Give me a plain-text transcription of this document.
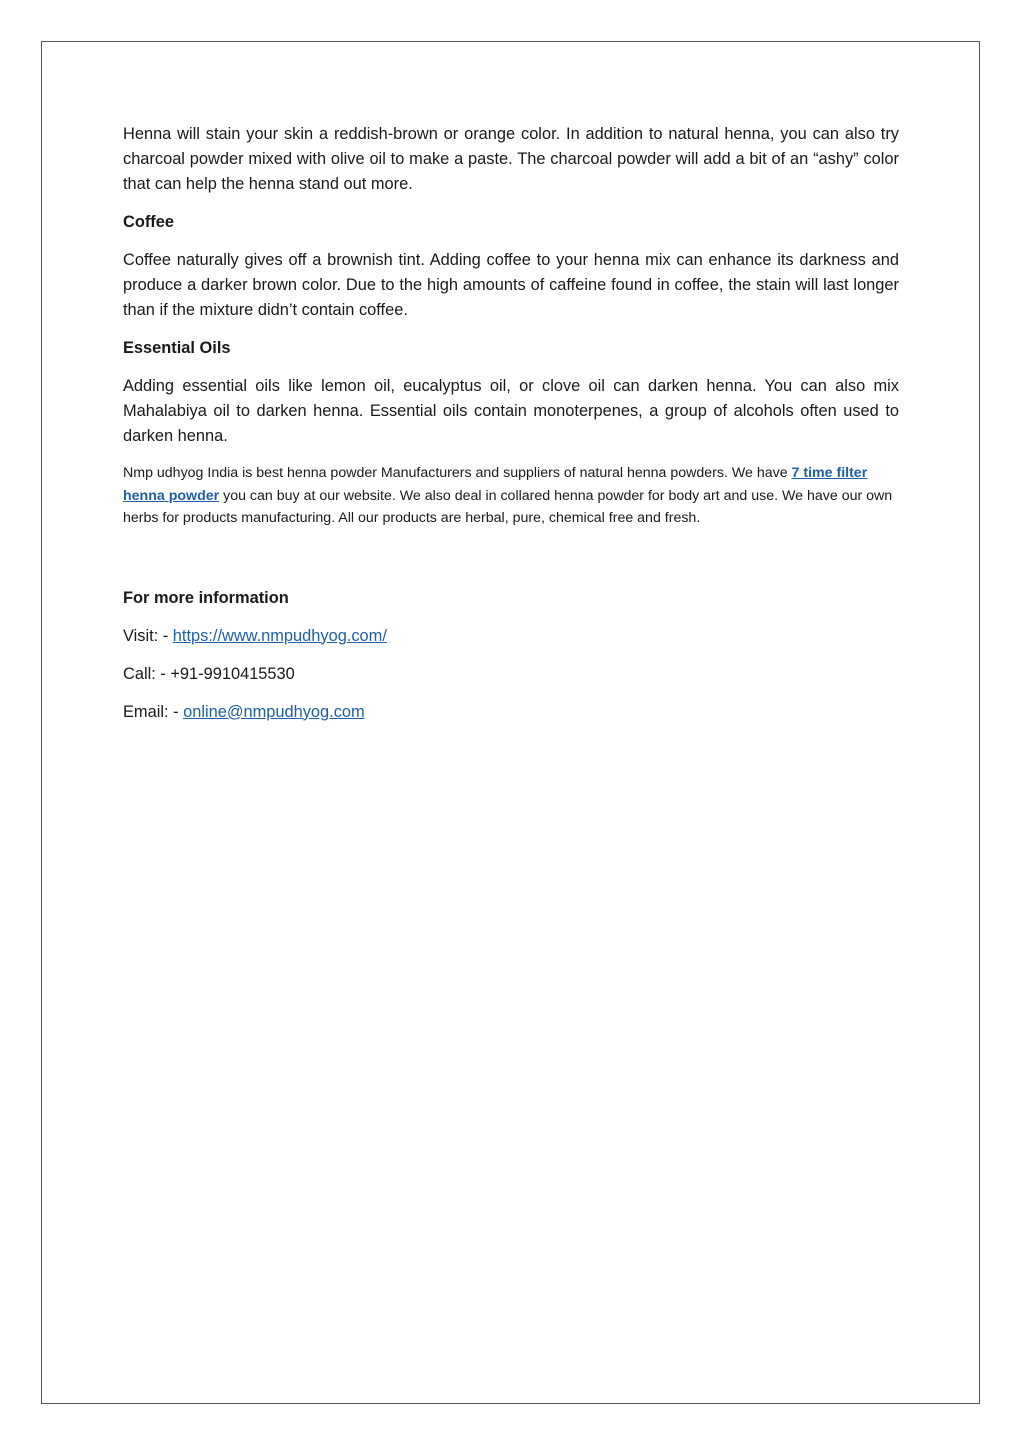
Henna will stain your skin a reddish-brown or orange color. In addition to natural henna, you can also try charcoal powder mixed with olive oil to make a paste. The charcoal powder will add a bit of an “ashy” color that can help the henna stand out more.

Coffee

Coffee naturally gives off a brownish tint. Adding coffee to your henna mix can enhance its darkness and produce a darker brown color. Due to the high amounts of caffeine found in coffee, the stain will last longer than if the mixture didn’t contain coffee.

Essential Oils

Adding essential oils like lemon oil, eucalyptus oil, or clove oil can darken henna. You can also mix Mahalabiya oil to darken henna. Essential oils contain monoterpenes, a group of alcohols often used to darken henna.

Nmp udhyog India is best henna powder Manufacturers and suppliers of natural henna powders. We have 7 time filter henna powder you can buy at our website. We also deal in collared henna powder for body art and use. We have our own herbs for products manufacturing. All our products are herbal, pure, chemical free and fresh.

For more information
Visit: - https://www.nmpudhyog.com/
Call: - +91-9910415530
Email: - online@nmpudhyog.com
